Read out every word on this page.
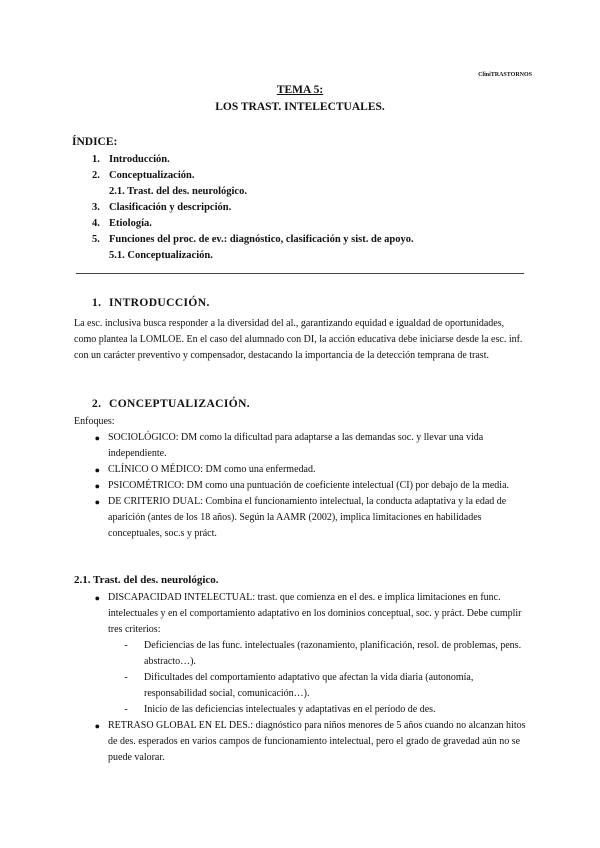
CliniTRASTORNOS
TEMA 5:
LOS TRAST. INTELECTUALES.
ÍNDICE:
1. Introducción.
2. Conceptualización.
2.1. Trast. del des. neurológico.
3. Clasificación y descripción.
4. Etiología.
5. Funciones del proc. de ev.: diagnóstico, clasificación y sist. de apoyo.
5.1. Conceptualización.
1. INTRODUCCIÓN.
La esc. inclusiva busca responder a la diversidad del al., garantizando equidad e igualdad de oportunidades, como plantea la LOMLOE. En el caso del alumnado con DI, la acción educativa debe iniciarse desde la esc. inf. con un carácter preventivo y compensador, destacando la importancia de la detección temprana de trast.
2. CONCEPTUALIZACIÓN.
Enfoques:
● SOCIOLÓGICO: DM como la dificultad para adaptarse a las demandas soc. y llevar una vida independiente.
● CLÍNICO O MÉDICO: DM como una enfermedad.
● PSICOMÉTRICO: DM como una puntuación de coeficiente intelectual (CI) por debajo de la media.
● DE CRITERIO DUAL: Combina el funcionamiento intelectual, la conducta adaptativa y la edad de aparición (antes de los 18 años). Según la AAMR (2002), implica limitaciones en habilidades conceptuales, soc.s y práct.
2.1. Trast. del des. neurológico.
● DISCAPACIDAD INTELECTUAL: trast. que comienza en el des. e implica limitaciones en func. intelectuales y en el comportamiento adaptativo en los dominios conceptual, soc. y práct. Debe cumplir tres criterios:
-	Deficiencias de las func. intelectuales (razonamiento, planificación, resol. de problemas, pens. abstracto…).
-	Dificultades del comportamiento adaptativo que afectan la vida diaria (autonomía, responsabilidad social, comunicación…).
-	Inicio de las deficiencias intelectuales y adaptativas en el período de des.
● RETRASO GLOBAL EN EL DES.: diagnóstico para niños menores de 5 años cuando no alcanzan hitos de des. esperados en varios campos de funcionamiento intelectual, pero el grado de gravedad aún no se puede valorar.
